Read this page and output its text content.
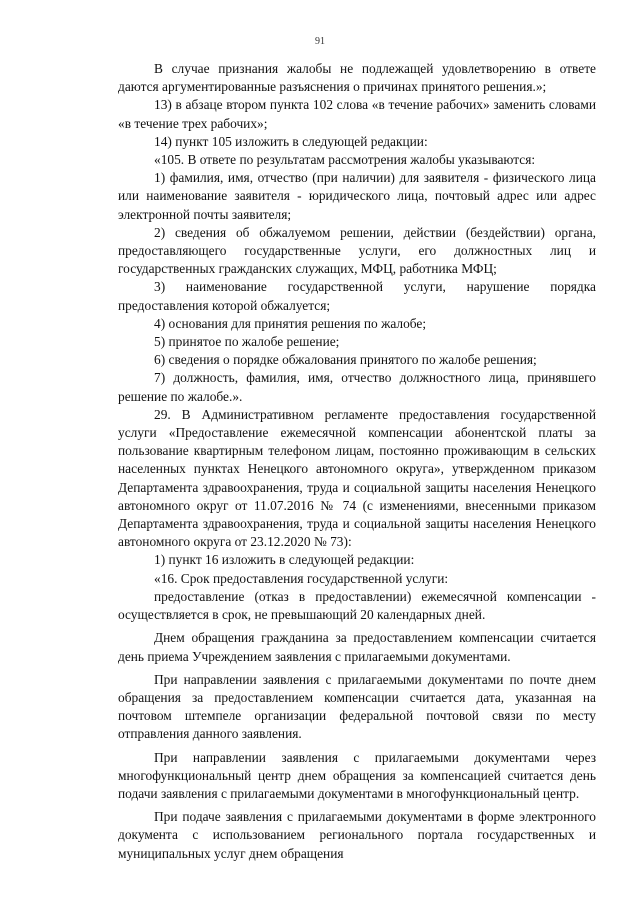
91

В случае признания жалобы не подлежащей удовлетворению в ответе даются аргументированные разъяснения о причинах принятого решения.»;

13) в абзаце втором пункта 102 слова «в течение рабочих» заменить словами «в течение трех рабочих»;

14) пункт 105 изложить в следующей редакции:

«105. В ответе по результатам рассмотрения жалобы указываются:

1) фамилия, имя, отчество (при наличии) для заявителя - физического лица или наименование заявителя - юридического лица, почтовый адрес или адрес электронной почты заявителя;

2) сведения об обжалуемом решении, действии (бездействии) органа, предоставляющего государственные услуги, его должностных лиц и государственных гражданских служащих, МФЦ, работника МФЦ;

3) наименование государственной услуги, нарушение порядка предоставления которой обжалуется;

4) основания для принятия решения по жалобе;

5) принятое по жалобе решение;

6) сведения о порядке обжалования принятого по жалобе решения;

7) должность, фамилия, имя, отчество должностного лица, принявшего решение по жалобе.».

29. В Административном регламенте предоставления государственной услуги «Предоставление ежемесячной компенсации абонентской платы за пользование квартирным телефоном лицам, постоянно проживающим в сельских населенных пунктах Ненецкого автономного округа», утвержденном приказом Департамента здравоохранения, труда и социальной защиты населения Ненецкого автономного округ от 11.07.2016 № 74 (с изменениями, внесенными приказом Департамента здравоохранения, труда и социальной защиты населения Ненецкого автономного округа от 23.12.2020 № 73):

1) пункт 16 изложить в следующей редакции:

«16. Срок предоставления государственной услуги:

предоставление (отказ в предоставлении) ежемесячной компенсации - осуществляется в срок, не превышающий 20 календарных дней.

Днем обращения гражданина за предоставлением компенсации считается день приема Учреждением заявления с прилагаемыми документами.

При направлении заявления с прилагаемыми документами по почте днем обращения за предоставлением компенсации считается дата, указанная на почтовом штемпеле организации федеральной почтовой связи по месту отправления данного заявления.

При направлении заявления с прилагаемыми документами через многофункциональный центр днем обращения за компенсацией считается день подачи заявления с прилагаемыми документами в многофункциональный центр.

При подаче заявления с прилагаемыми документами в форме электронного документа с использованием регионального портала государственных и муниципальных услуг днем обращения
